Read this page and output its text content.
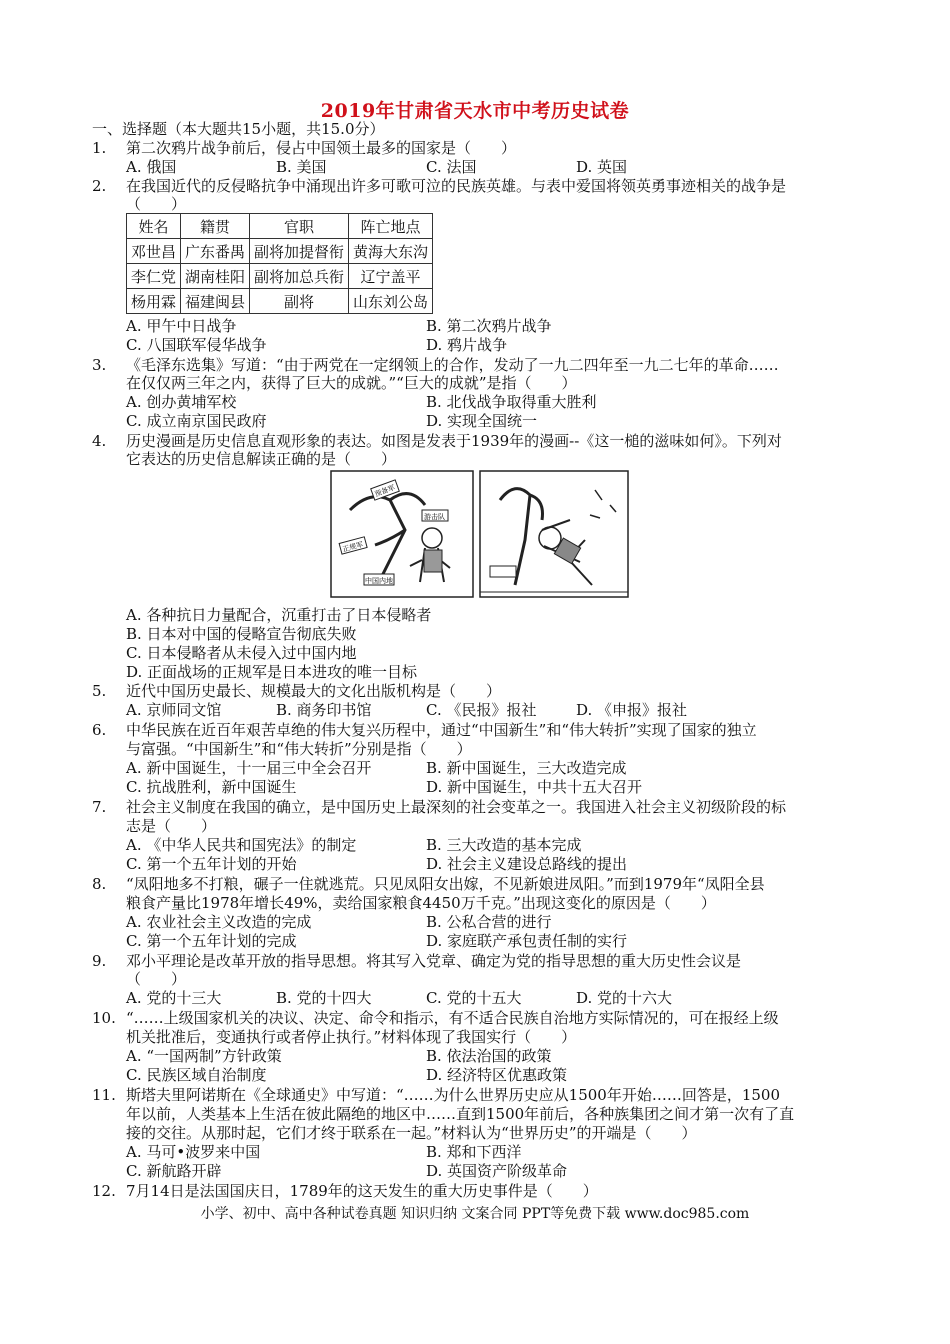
2019年甘肃省天水市中考历史试卷
一、选择题（本大题共15小题，共15.0分）
1. 第二次鸦片战争前后，侵占中国领土最多的国家是（　　）
A. 俄国	B. 美国	C. 法国	D. 英国
2. 在我国近代的反侵略抗争中涌现出许多可歌可泣的民族英雄。与表中爱国将领英勇事迹相关的战争是
（　　）
姓名	籍贯	官职	阵亡地点
邓世昌	广东番禺	副将加提督衔	黄海大东沟
李仁党	湖南桂阳	副将加总兵衔	辽宁盖平
杨用霖	福建闽县	副将	山东刘公岛
A. 甲午中日战争	B. 第二次鸦片战争
C. 八国联军侵华战争	D. 鸦片战争
3. 《毛泽东选集》写道：“由于两党在一定纲领上的合作，发动了一九二四年至一九二七年的革命……
在仅仅两三年之内，获得了巨大的成就。”“巨大的成就”是指（　　）
A. 创办黄埔军校	B. 北伐战争取得重大胜利
C. 成立南京国民政府	D. 实现全国统一
4. 历史漫画是历史信息直观形象的表达。如图是发表于1939年的漫画--《这一槌的滋味如何》。下列对
它表达的历史信息解读正确的是（　　）
预备军
游击队
正规军
中国内地
A. 各种抗日力量配合，沉重打击了日本侵略者
B. 日本对中国的侵略宣告彻底失败
C. 日本侵略者从未侵入过中国内地
D. 正面战场的正规军是日本进攻的唯一目标
5. 近代中国历史最长、规模最大的文化出版机构是（　　）
A. 京师同文馆	B. 商务印书馆	C. 《民报》报社	D. 《申报》报社
6. 中华民族在近百年艰苦卓绝的伟大复兴历程中，通过“中国新生”和“伟大转折”实现了国家的独立
与富强。“中国新生”和“伟大转折”分别是指（　　）
A. 新中国诞生，十一届三中全会召开	B. 新中国诞生，三大改造完成
C. 抗战胜利，新中国诞生	D. 新中国诞生，中共十五大召开
7. 社会主义制度在我国的确立，是中国历史上最深刻的社会变革之一。我国进入社会主义初级阶段的标
志是（　　）
A. 《中华人民共和国宪法》的制定	B. 三大改造的基本完成
C. 第一个五年计划的开始	D. 社会主义建设总路线的提出
8. “凤阳地多不打粮，碾子一住就逃荒。只见凤阳女出嫁，不见新娘进凤阳。”而到1979年“凤阳全县
粮食产量比1978年增长49%，卖给国家粮食4450万千克。”出现这变化的原因是（　　）
A. 农业社会主义改造的完成	B. 公私合营的进行
C. 第一个五年计划的完成	D. 家庭联产承包责任制的实行
9. 邓小平理论是改革开放的指导思想。将其写入党章、确定为党的指导思想的重大历史性会议是
（　　）
A. 党的十三大	B. 党的十四大	C. 党的十五大	D. 党的十六大
10. “……上级国家机关的决议、决定、命令和指示，有不适合民族自治地方实际情况的，可在报经上级
机关批准后，变通执行或者停止执行。”材料体现了我国实行（　　）
A. “一国两制”方针政策	B. 依法治国的政策
C. 民族区域自治制度	D. 经济特区优惠政策
11. 斯塔夫里阿诺斯在《全球通史》中写道：“……为什么世界历史应从1500年开始……回答是，1500
年以前，人类基本上生活在彼此隔绝的地区中……直到1500年前后，各种族集团之间才第一次有了直
接的交往。从那时起，它们才终于联系在一起。”材料认为“世界历史”的开端是（　　）
A. 马可•波罗来中国	B. 郑和下西洋
C. 新航路开辟	D. 英国资产阶级革命
12. 7月14日是法国国庆日，1789年的这天发生的重大历史事件是（　　）
小学、初中、高中各种试卷真题 知识归纳 文案合同 PPT等免费下载 www.doc985.com
